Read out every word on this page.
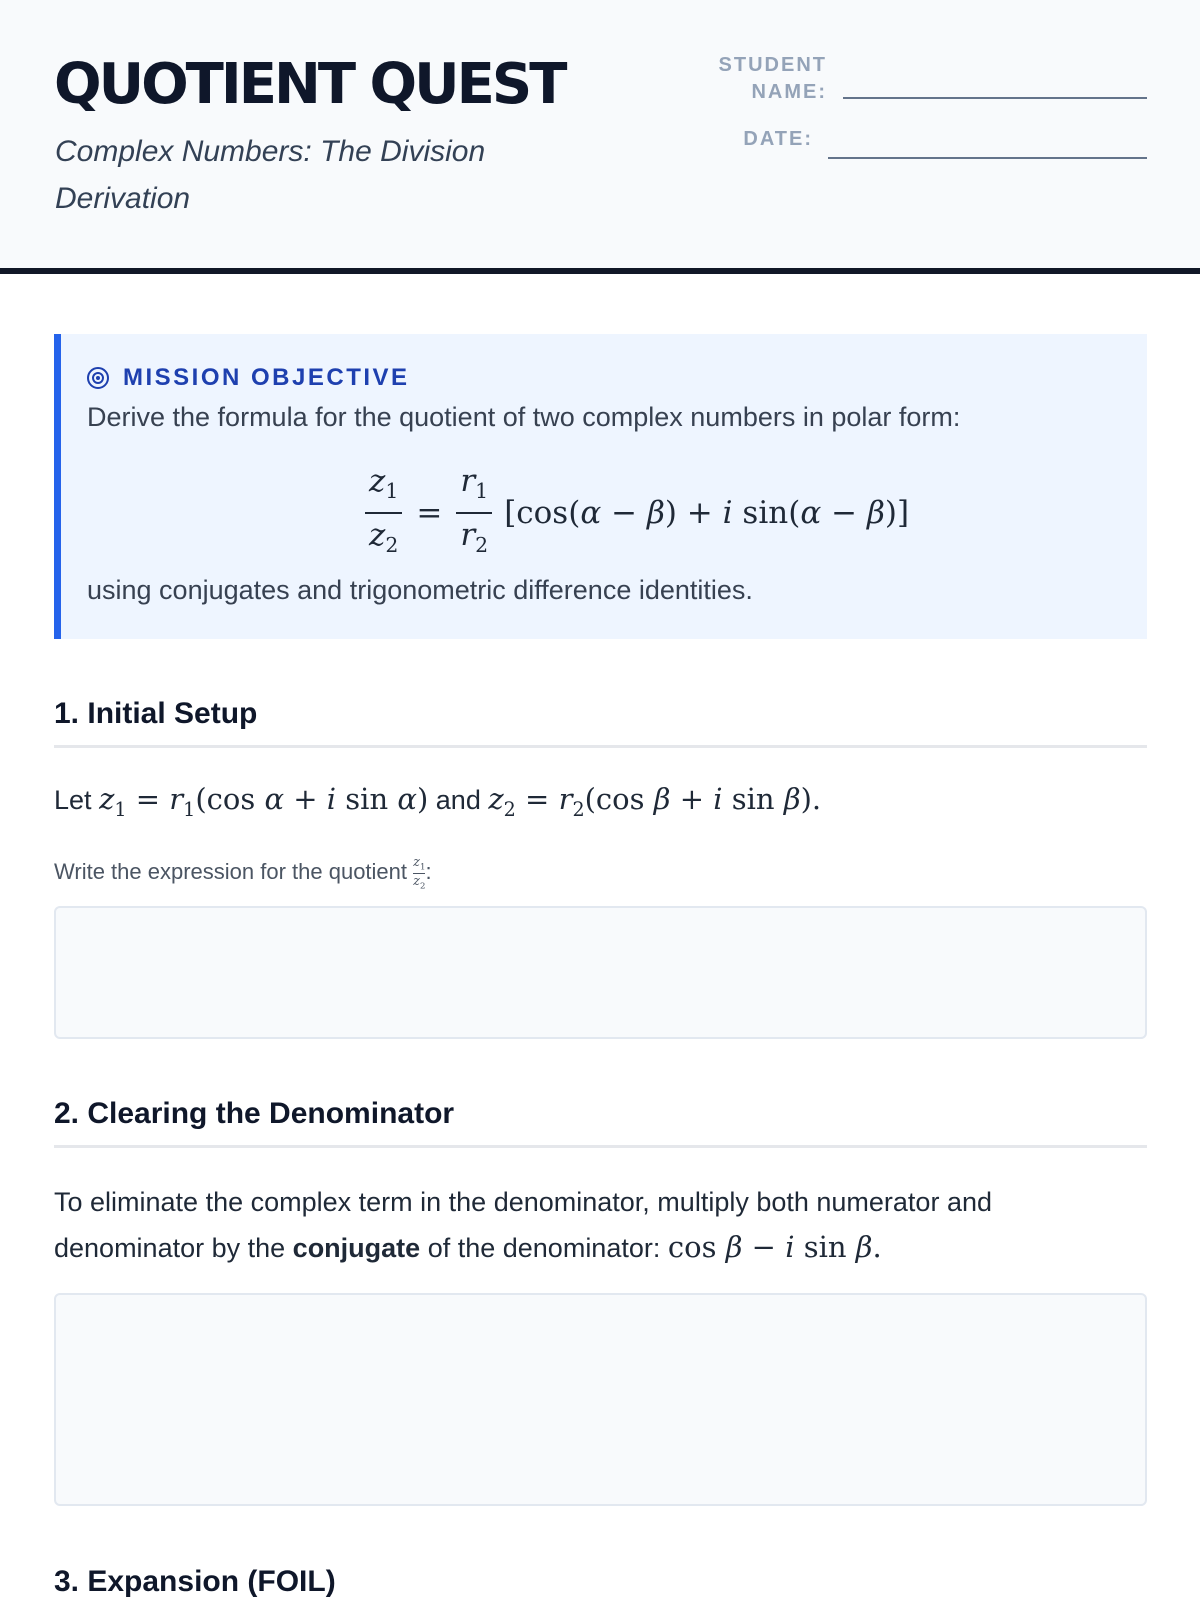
QUOTIENT QUEST

Complex Numbers: The Division Derivation

STUDENT
NAME:
DATE:
MISSION OBJECTIVE

Derive the formula for the quotient of two complex numbers in polar form:

$\frac{z_1}{z_2} = \frac{r_1}{r_2} [\cos(\alpha - \beta) + i$ sin(α − β)]

using conjugates and trigonometric difference identities.

1. Initial Setup

Let $z_1 = r_1(\cos$ α + i sin α) and $z_2 = r_2(\cos$ β + i sin β).

Write the expression for the quotient $\frac{z_1}{z_2}$ :

2. Clearing the Denominator

To eliminate the complex term in the denominator, multiply both numerator and
denominator by the conjugate of the denominator: cos β − i sin β.

3. Expansion (FOIL)
